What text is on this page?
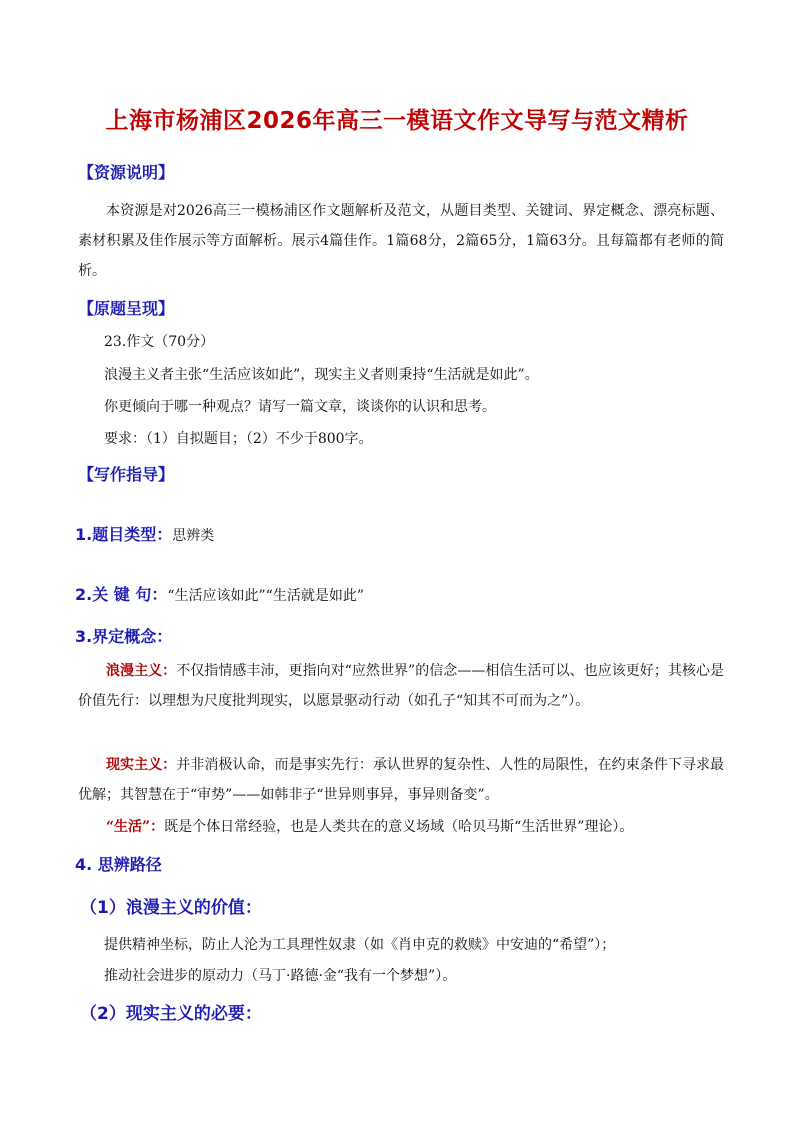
上海市杨浦区2026年高三一模语文作文导写与范文精析
【资源说明】
本资源是对2026高三一模杨浦区作文题解析及范文，从题目类型、关键词、界定概念、漂亮标题、素材积累及佳作展示等方面解析。展示4篇佳作。1篇68分，2篇65分，1篇63分。且每篇都有老师的简析。
【原题呈现】
23.作文（70分）
浪漫主义者主张“生活应该如此”，现实主义者则秉持“生活就是如此”。
你更倾向于哪一种观点？请写一篇文章，谈谈你的认识和思考。
要求：（1）自拟题目；（2）不少于800字。
【写作指导】
1.题目类型：思辨类
2.关 键 句：“生活应该如此”“生活就是如此”
3.界定概念：
浪漫主义：不仅指情感丰沛，更指向对“应然世界”的信念——相信生活可以、也应该更好；其核心是价值先行：以理想为尺度批判现实，以愿景驱动行动（如孔子“知其不可而为之”）。
现实主义：并非消极认命，而是事实先行：承认世界的复杂性、人性的局限性，在约束条件下寻求最优解；其智慧在于“审势”——如韩非子“世异则事异，事异则备变”。
“生活”：既是个体日常经验，也是人类共在的意义场域（哈贝马斯“生活世界”理论）。
4. 思辨路径
（1）浪漫主义的价值：
提供精神坐标，防止人沦为工具理性奴隶（如《肖申克的救赎》中安迪的“希望”）；
推动社会进步的原动力（马丁·路德·金“我有一个梦想”）。
（2）现实主义的必要：
